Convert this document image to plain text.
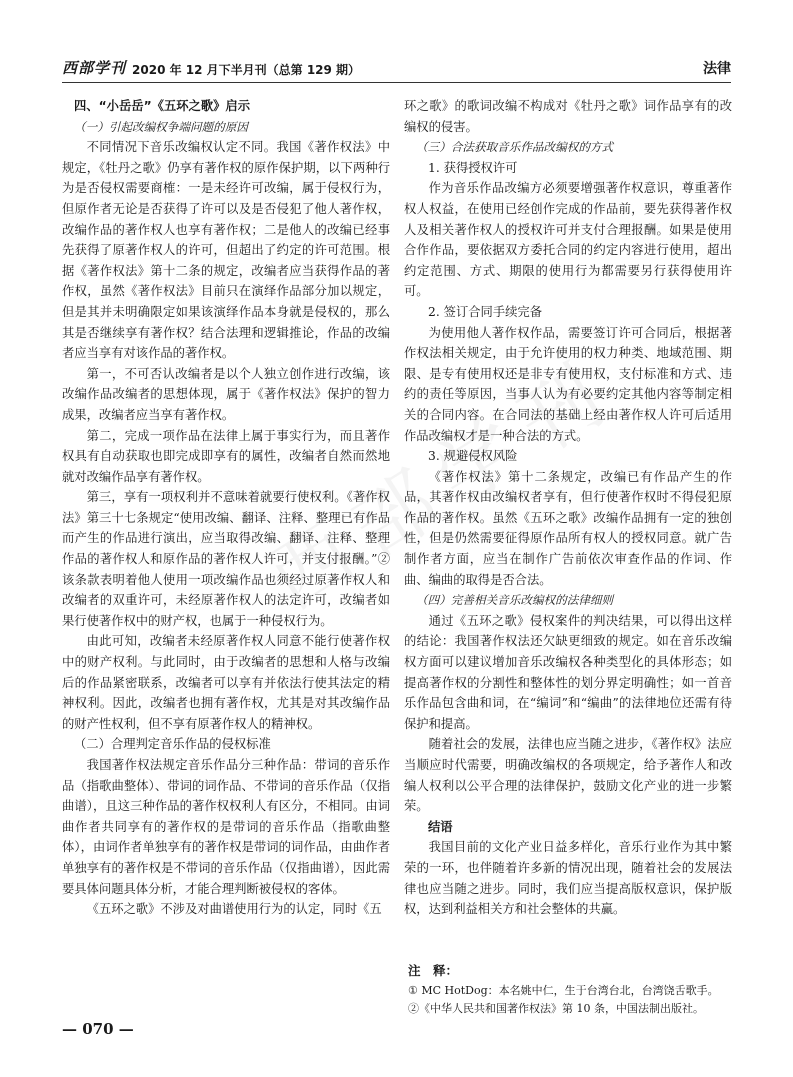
西部学刊 2020 年 12 月下半月刊（总第 129 期）	法律

四、“小岳岳”《五环之歌》启示

（一）引起改编权争端问题的原因

不同情况下音乐改编权认定不同。我国《著作权法》中规定，《牡丹之歌》仍享有著作权的原作保护期，以下两种行为是否侵权需要商榷：一是未经许可改编，属于侵权行为，但原作者无论是否获得了许可以及是否侵犯了他人著作权，改编作品的著作权人也享有著作权；二是他人的改编已经事先获得了原著作权人的许可，但超出了约定的许可范围。根据《著作权法》第十二条的规定，改编者应当获得作品的著作权，虽然《著作权法》目前只在演绎作品部分加以规定，但是其并未明确限定如果该演绎作品本身就是侵权的，那么其是否继续享有著作权？结合法理和逻辑推论，作品的改编者应当享有对该作品的著作权。

第一，不可否认改编者是以个人独立创作进行改编，该改编作品改编者的思想体现，属于《著作权法》保护的智力成果，改编者应当享有著作权。

第二，完成一项作品在法律上属于事实行为，而且著作权具有自动获取也即完成即享有的属性，改编者自然而然地就对改编作品享有著作权。

第三，享有一项权利并不意味着就要行使权利。《著作权法》第三十七条规定“使用改编、翻译、注释、整理已有作品而产生的作品进行演出，应当取得改编、翻译、注释、整理作品的著作权人和原作品的著作权人许可，并支付报酬。”②该条款表明着他人使用一项改编作品也须经过原著作权人和改编者的双重许可，未经原著作权人的法定许可，改编者如果行使著作权中的财产权，也属于一种侵权行为。

由此可知，改编者未经原著作权人同意不能行使著作权中的财产权利。与此同时，由于改编者的思想和人格与改编后的作品紧密联系，改编者可以享有并依法行使其法定的精神权利。因此，改编者也拥有著作权，尤其是对其改编作品的财产性权利，但不享有原著作权人的精神权。

（二）合理判定音乐作品的侵权标准

我国著作权法规定音乐作品分三种作品：带词的音乐作品（指歌曲整体）、带词的词作品、不带词的音乐作品（仅指曲谱），且这三种作品的著作权权利人有区分，不相同。由词曲作者共同享有的著作权的是带词的音乐作品（指歌曲整体），由词作者单独享有的著作权是带词的词作品，由曲作者单独享有的著作权是不带词的音乐作品（仅指曲谱），因此需要具体问题具体分析，才能合理判断被侵权的客体。

《五环之歌》不涉及对曲谱使用行为的认定，同时《五

环之歌》的歌词改编不构成对《牡丹之歌》词作品享有的改编权的侵害。

（三）合法获取音乐作品改编权的方式

1. 获得授权许可

作为音乐作品改编方必须要增强著作权意识，尊重著作权人权益，在使用已经创作完成的作品前，要先获得著作权人及相关著作权人的授权许可并支付合理报酬。如果是使用合作作品，要依据双方委托合同的约定内容进行使用，超出约定范围、方式、期限的使用行为都需要另行获得使用许可。

2. 签订合同手续完备

为使用他人著作权作品，需要签订许可合同后，根据著作权法相关规定，由于允许使用的权力种类、地域范围、期限、是专有使用权还是非专有使用权，支付标准和方式、违约的责任等原因，当事人认为有必要约定其他内容等制定相关的合同内容。在合同法的基础上经由著作权人许可后适用作品改编权才是一种合法的方式。

3. 规避侵权风险

《著作权法》第十二条规定，改编已有作品产生的作品，其著作权由改编权者享有，但行使著作权时不得侵犯原作品的著作权。虽然《五环之歌》改编作品拥有一定的独创性，但是仍然需要征得原作品所有权人的授权同意。就广告制作者方面，应当在制作广告前依次审查作品的作词、作曲、编曲的取得是否合法。

（四）完善相关音乐改编权的法律细则

通过《五环之歌》侵权案件的判决结果，可以得出这样的结论：我国著作权法还欠缺更细致的规定。如在音乐改编权方面可以建议增加音乐改编权各种类型化的具体形态；如提高著作权的分割性和整体性的划分界定明确性；如一首音乐作品包含曲和词，在“编词”和“编曲”的法律地位还需有待保护和提高。

随着社会的发展，法律也应当随之进步，《著作权》法应当顺应时代需要，明确改编权的各项规定，给予著作人和改编人权利以公平合理的法律保护，鼓励文化产业的进一步繁荣。

结语

我国目前的文化产业日益多样化，音乐行业作为其中繁荣的一环，也伴随着许多新的情况出现，随着社会的发展法律也应当随之进步。同时，我们应当提高版权意识，保护版权，达到利益相关方和社会整体的共赢。

注　释：

① MC HotDog：本名姚中仁，生于台湾台北，台湾饶舌歌手。

②《中华人民共和国著作权法》第 10 条，中国法制出版社。

— 070 —
